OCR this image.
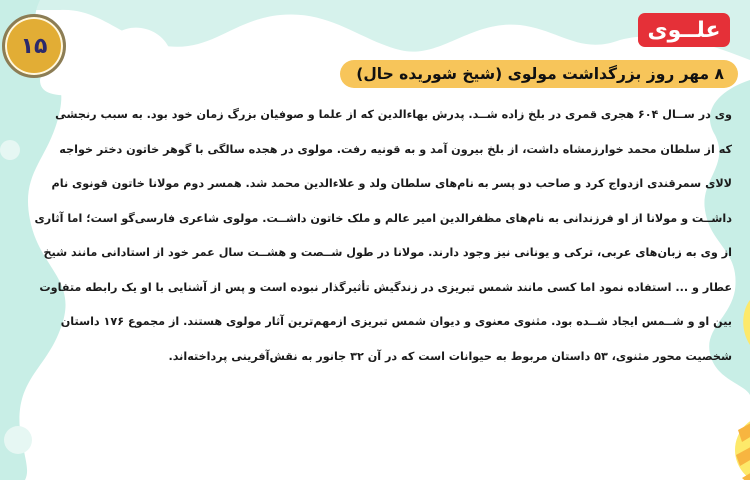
۱۵
علــوی
۸ مهر روز بزرگداشت مولوی (شیخ شوریده حال)
وی در ســال ۶۰۴ هجری قمری در بلخ زاده شــد. پدرش بهاءالدین که از علما و صوفیان بزرگ زمان خود بود. به سبب رنجشی
که از سلطان محمد خوارزمشاه داشت، از بلخ بیرون آمد و به قونیه رفت. مولوی در هجده سالگی با گوهر خاتون دختر خواجه
لالای سمرقندی ازدواج کرد و صاحب دو پسر به نام‌های سلطان ولد و علاءالدین محمد شد. همسر دوم مولانا خاتون قونوی نام
داشــت و مولانا از او فرزندانی به نام‌های مظفرالدین امیر عالم و ملک خاتون داشــت. مولوی شاعری فارسی‌گو است؛ اما آثاری
از وی به زبان‌های عربی، ترکی و یونانی نیز وجود دارند. مولانا در طول شــصت و هشــت سال عمر خود از استادانی مانند شیخ
عطار و ... استفاده نمود اما کسی مانند شمس تبریزی در زندگیش تأثیرگذار نبوده است و پس از آشنایی با او یک رابطه متفاوت
بین او و شــمس ایجاد شــده بود. مثنوی معنوی و دیوان شمس تبریزی ازمهم‌ترین آثار مولوی هستند. از مجموع ۱۷۶ داستان
شخصیت محور مثنوی، ۵۳ داستان مربوط به حیوانات است که در آن ۳۲ جانور به نقش‌آفرینی پرداخته‌اند.
